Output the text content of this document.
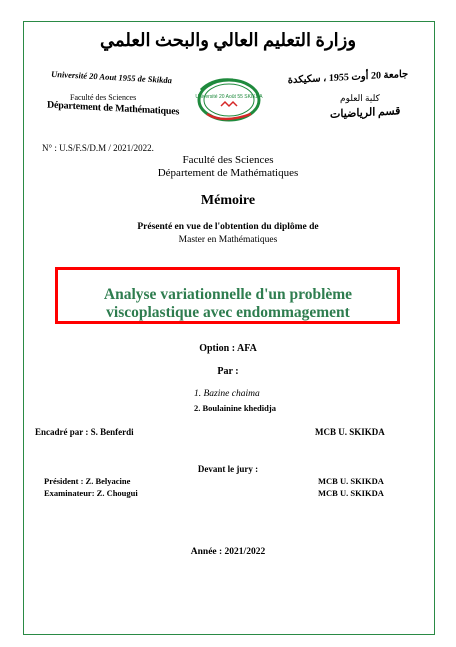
وزارة التعليم العالي والبحث العلمي
Université 20 Aout 1955 de Skikda
Faculté des Sciences
Département de Mathématiques
Université 20 Août 55 SKIKDA
جامعة 20 أوت 1955 ، سكيكدة
كلية العلوم
قسم الرياضيات
N° : U.S/F.S/D.M / 2021/2022.
Faculté des Sciences
Département de Mathématiques
Mémoire
Présenté en vue de l'obtention du diplôme de
Master en Mathématiques
Analyse variationnelle d'un problème
viscoplastique avec endommagement
Option : AFA
Par :
1. Bazine chaima
2. Boulainine khedidja
Encadré par : S. Benferdi	MCB U. SKIKDA
Devant le jury :
Président : Z. Belyacine	MCB U. SKIKDA
Examinateur: Z. Chougui	MCB U. SKIKDA
Année : 2021/2022
